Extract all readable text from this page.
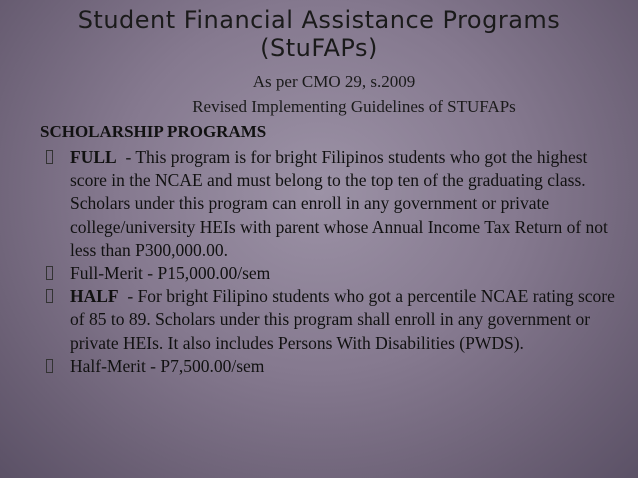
Student Financial Assistance Programs
(StuFAPs)
As per CMO 29, s.2009
Revised Implementing Guidelines of STUFAPs
SCHOLARSHIP PROGRAMS
FULL  - This program is for bright Filipinos students who got the highest score in the NCAE and must belong to the top ten of the graduating class. Scholars under this program can enroll in any government or private college/university HEIs with parent whose Annual Income Tax Return of not less than P300,000.00.
Full-Merit - P15,000.00/sem
HALF  - For bright Filipino students who got a percentile NCAE rating score of 85 to 89. Scholars under this program shall enroll in any government or private HEIs. It also includes Persons With Disabilities (PWDS).
Half-Merit - P7,500.00/sem
